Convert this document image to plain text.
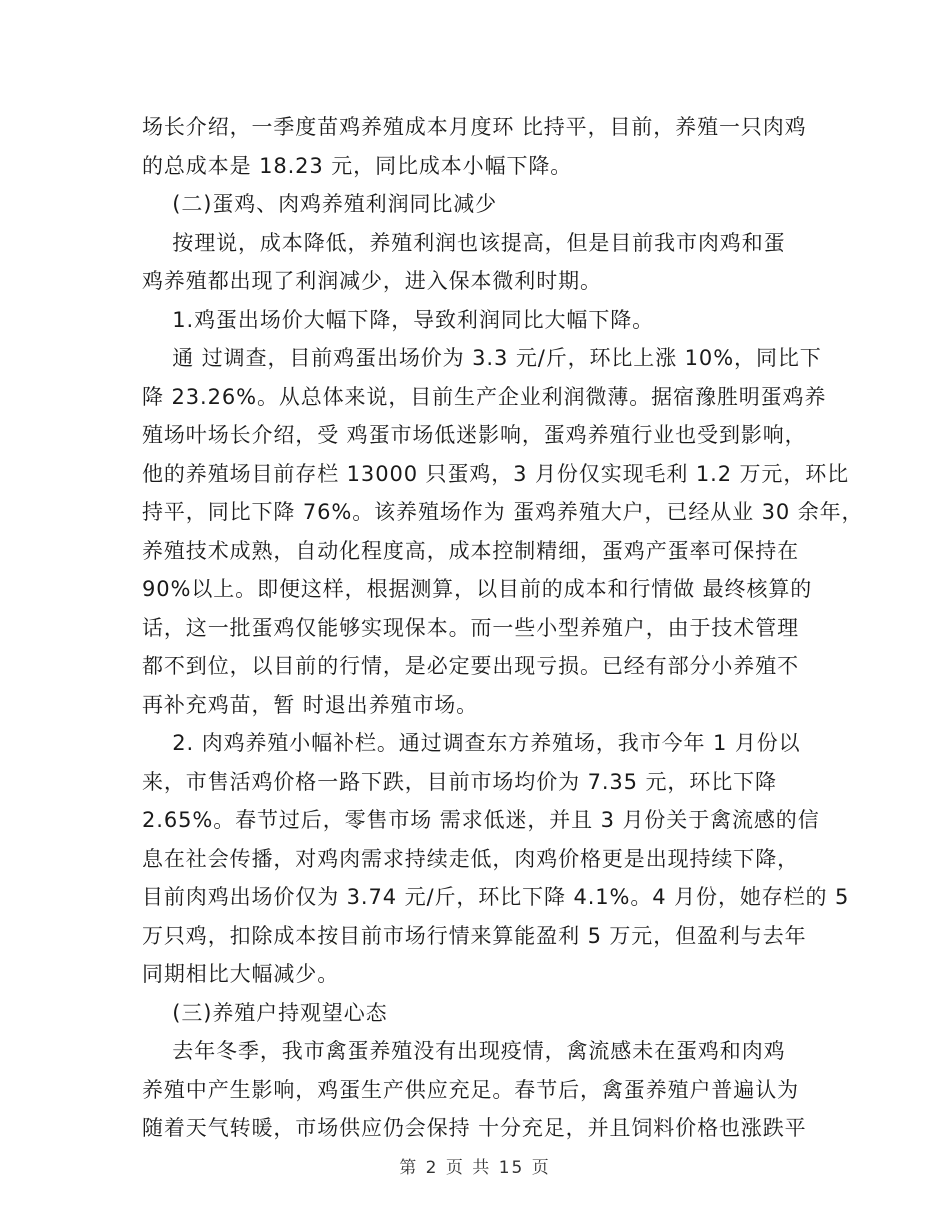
场长介绍，一季度苗鸡养殖成本月度环 比持平，目前，养殖一只肉鸡
的总成本是 18.23 元，同比成本小幅下降。
(二)蛋鸡、肉鸡养殖利润同比减少
按理说，成本降低，养殖利润也该提高，但是目前我市肉鸡和蛋
鸡养殖都出现了利润减少，进入保本微利时期。
1.鸡蛋出场价大幅下降，导致利润同比大幅下降。
通 过调查，目前鸡蛋出场价为 3.3 元/斤，环比上涨 10%，同比下
降 23.26%。从总体来说，目前生产企业利润微薄。据宿豫胜明蛋鸡养
殖场叶场长介绍，受 鸡蛋市场低迷影响，蛋鸡养殖行业也受到影响，
他的养殖场目前存栏 13000 只蛋鸡，3 月份仅实现毛利 1.2 万元，环比
持平，同比下降 76%。该养殖场作为 蛋鸡养殖大户，已经从业 30 余年，
养殖技术成熟，自动化程度高，成本控制精细，蛋鸡产蛋率可保持在
90%以上。即便这样，根据测算，以目前的成本和行情做 最终核算的
话，这一批蛋鸡仅能够实现保本。而一些小型养殖户，由于技术管理
都不到位，以目前的行情，是必定要出现亏损。已经有部分小养殖不
再补充鸡苗，暂 时退出养殖市场。
2. 肉鸡养殖小幅补栏。通过调查东方养殖场，我市今年 1 月份以
来，市售活鸡价格一路下跌，目前市场均价为 7.35 元，环比下降
2.65%。春节过后，零售市场 需求低迷，并且 3 月份关于禽流感的信
息在社会传播，对鸡肉需求持续走低，肉鸡价格更是出现持续下降，
目前肉鸡出场价仅为 3.74 元/斤，环比下降 4.1%。4 月份，她存栏的 5
万只鸡，扣除成本按目前市场行情来算能盈利 5 万元，但盈利与去年
同期相比大幅减少。
(三)养殖户持观望心态
去年冬季，我市禽蛋养殖没有出现疫情，禽流感未在蛋鸡和肉鸡
养殖中产生影响，鸡蛋生产供应充足。春节后，禽蛋养殖户普遍认为
随着天气转暖，市场供应仍会保持 十分充足，并且饲料价格也涨跌平
第 2 页 共 15 页
